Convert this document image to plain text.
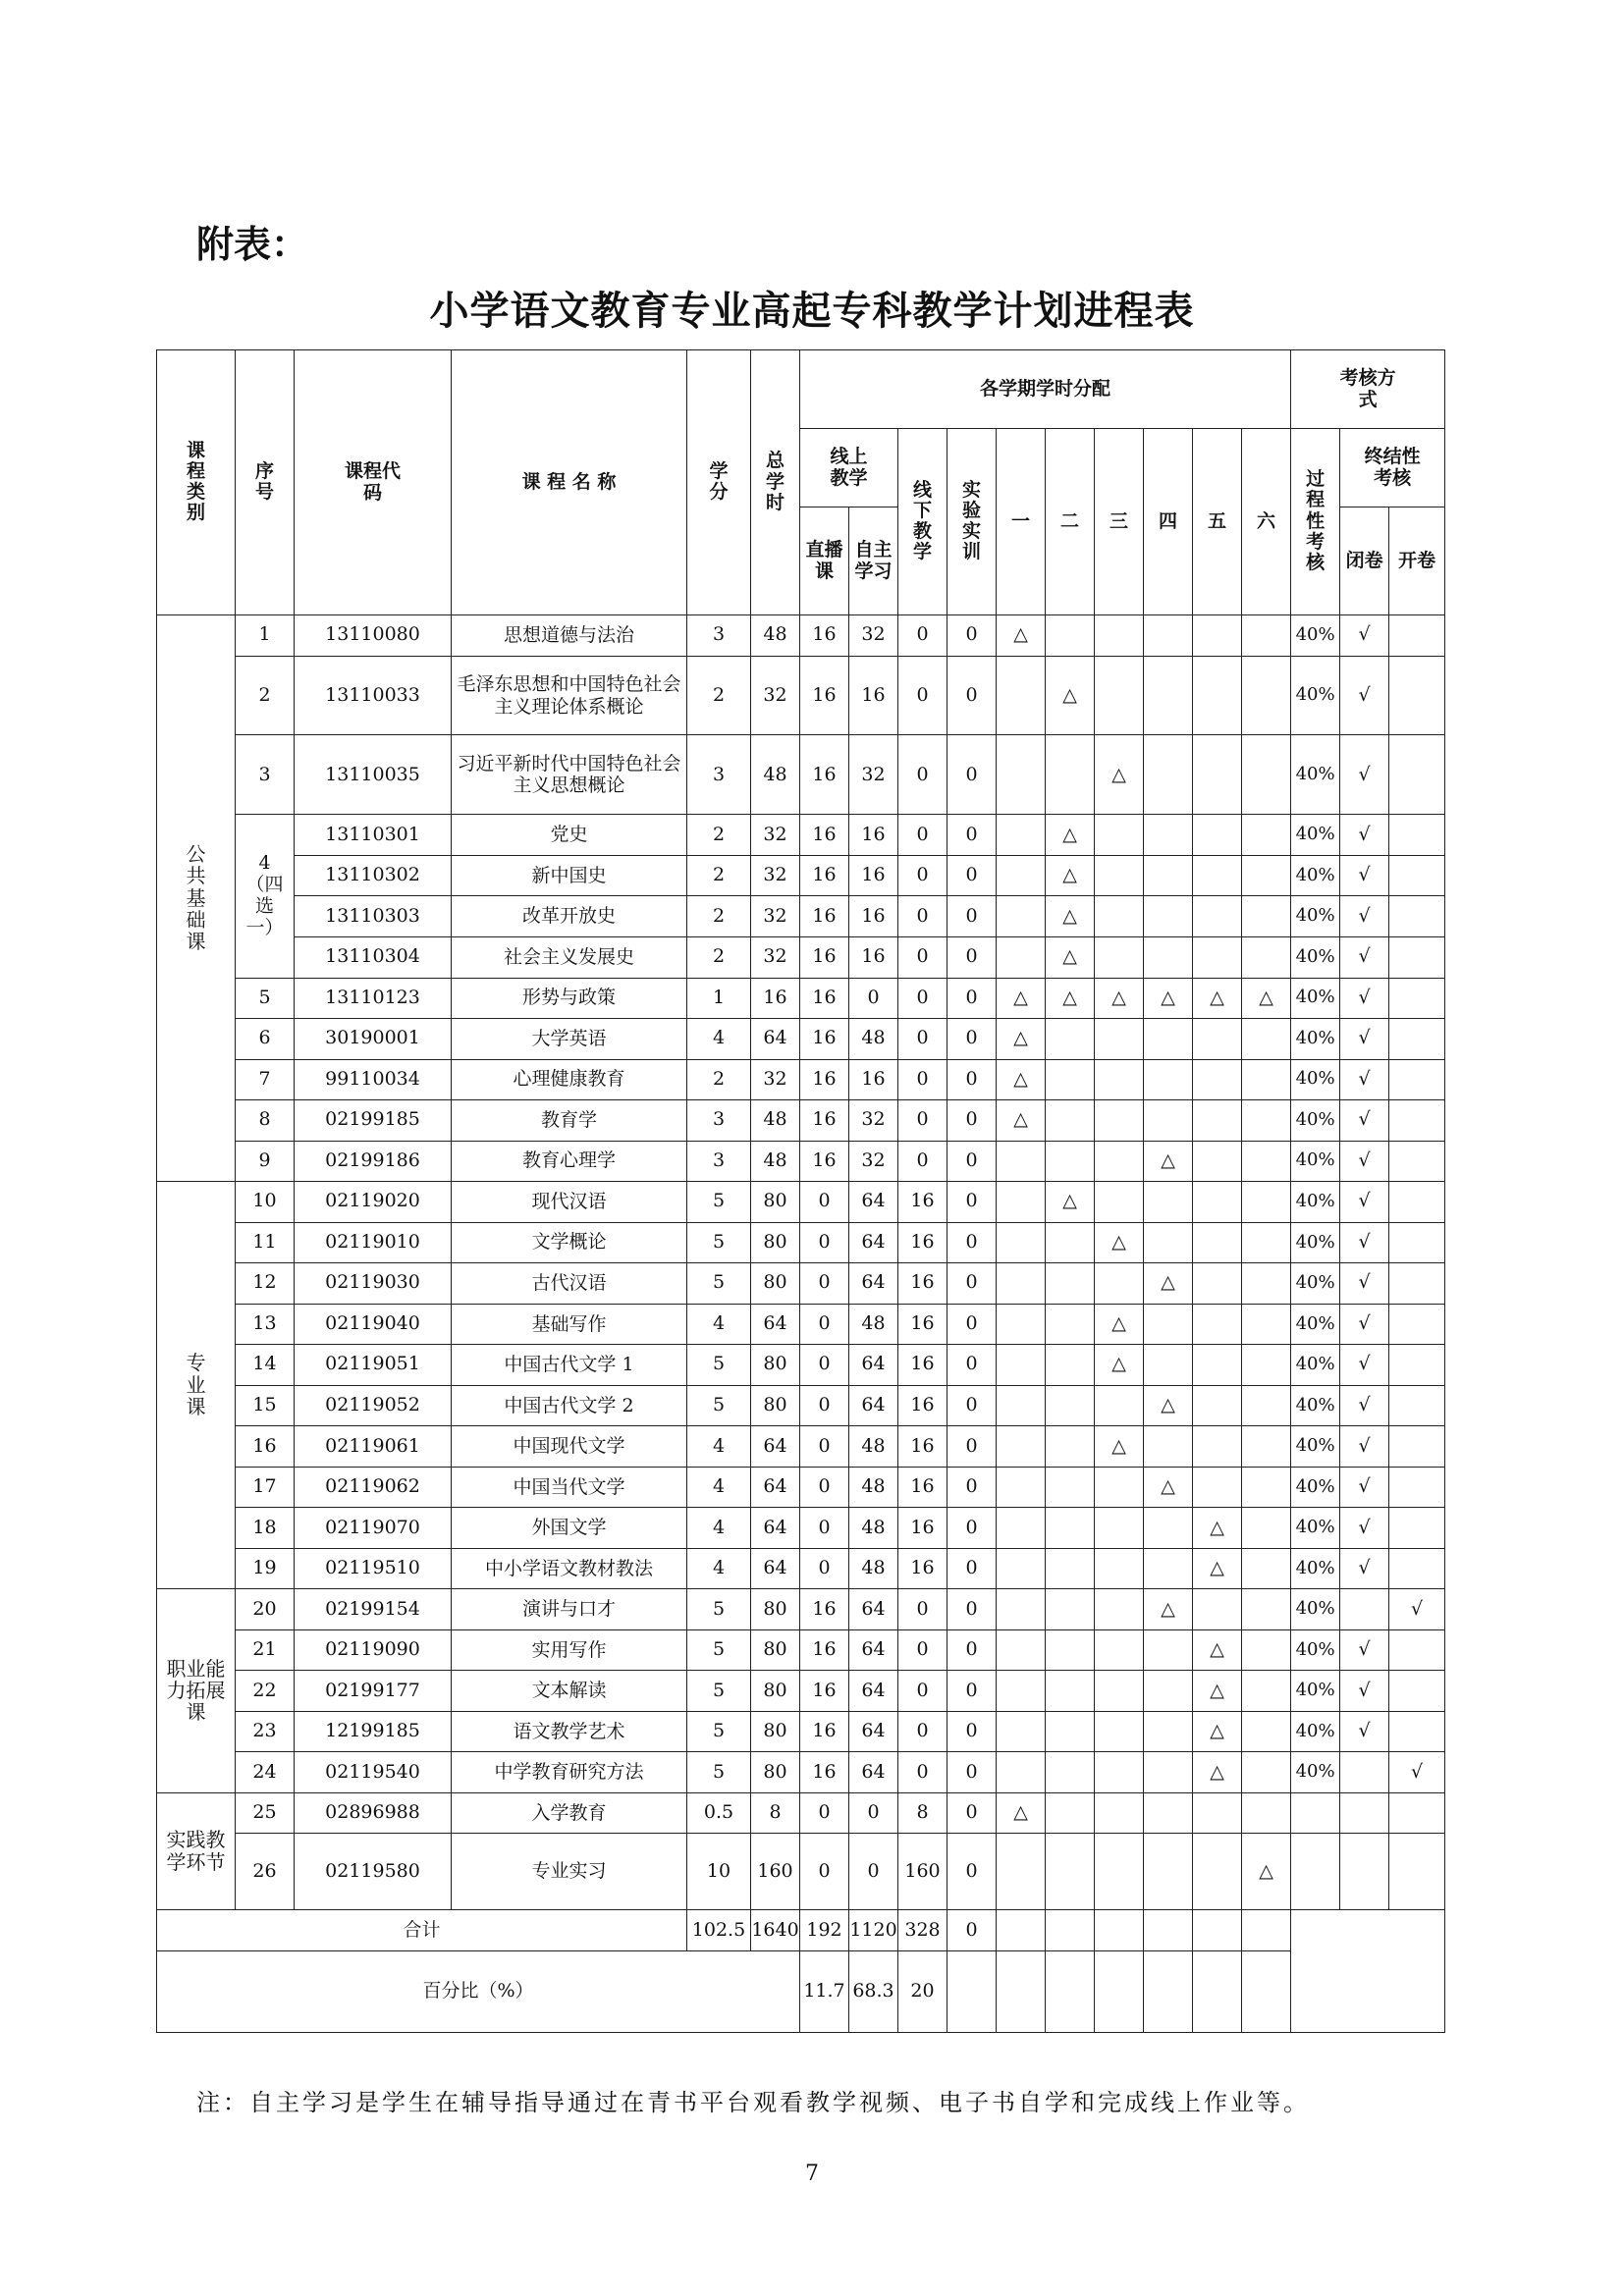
附表：
小学语文教育专业高起专科教学计划进程表
课程类别	序号	课程代码	课 程 名 称	学分	总学时	各学期学时分配										考核方式		
						线上教学		线下教学	实验实训	一	二	三	四	五	六	过程性考核	终结性考核	
						直播课	自主学习										闭卷	开卷
公共基础课	1	13110080	思想道德与法治	3	48	16	32	0	0	△						40%	√	
	2	13110033	毛泽东思想和中国特色社会主义理论体系概论	2	32	16	16	0	0		△					40%	√	
	3	13110035	习近平新时代中国特色社会主义思想概论	3	48	16	32	0	0			△				40%	√	
	4（四选一）	13110301	党史	2	32	16	16	0	0		△					40%	√	
		13110302	新中国史	2	32	16	16	0	0		△					40%	√	
		13110303	改革开放史	2	32	16	16	0	0		△					40%	√	
		13110304	社会主义发展史	2	32	16	16	0	0		△					40%	√	
	5	13110123	形势与政策	1	16	16	0	0	0	△	△	△	△	△	△	40%	√	
	6	30190001	大学英语	4	64	16	48	0	0	△						40%	√	
	7	99110034	心理健康教育	2	32	16	16	0	0	△						40%	√	
	8	02199185	教育学	3	48	16	32	0	0	△						40%	√	
	9	02199186	教育心理学	3	48	16	32	0	0				△			40%	√	
专业课	10	02119020	现代汉语	5	80	0	64	16	0		△					40%	√	
	11	02119010	文学概论	5	80	0	64	16	0			△				40%	√	
	12	02119030	古代汉语	5	80	0	64	16	0				△			40%	√	
	13	02119040	基础写作	4	64	0	48	16	0			△				40%	√	
	14	02119051	中国古代文学 1	5	80	0	64	16	0			△				40%	√	
	15	02119052	中国古代文学 2	5	80	0	64	16	0				△			40%	√	
	16	02119061	中国现代文学	4	64	0	48	16	0			△				40%	√	
	17	02119062	中国当代文学	4	64	0	48	16	0				△			40%	√	
	18	02119070	外国文学	4	64	0	48	16	0					△		40%	√	
	19	02119510	中小学语文教材教法	4	64	0	48	16	0					△		40%	√	
职业能力拓展课	20	02199154	演讲与口才	5	80	16	64	0	0				△			40%		√
	21	02119090	实用写作	5	80	16	64	0	0					△		40%	√	
	22	02199177	文本解读	5	80	16	64	0	0					△		40%	√	
	23	12199185	语文教学艺术	5	80	16	64	0	0					△		40%	√	
	24	02119540	中学教育研究方法	5	80	16	64	0	0					△		40%		√
实践教学环节	25	02896988	入学教育	0.5	8	0	0	8	0	△								
	26	02119580	专业实习	10	160	0	0	160	0						△			
合计				102.5	1640	192	1120	328	0									
百分比（%）						11.7	68.3	20										
注：自主学习是学生在辅导指导通过在青书平台观看教学视频、电子书自学和完成线上作业等。
7
